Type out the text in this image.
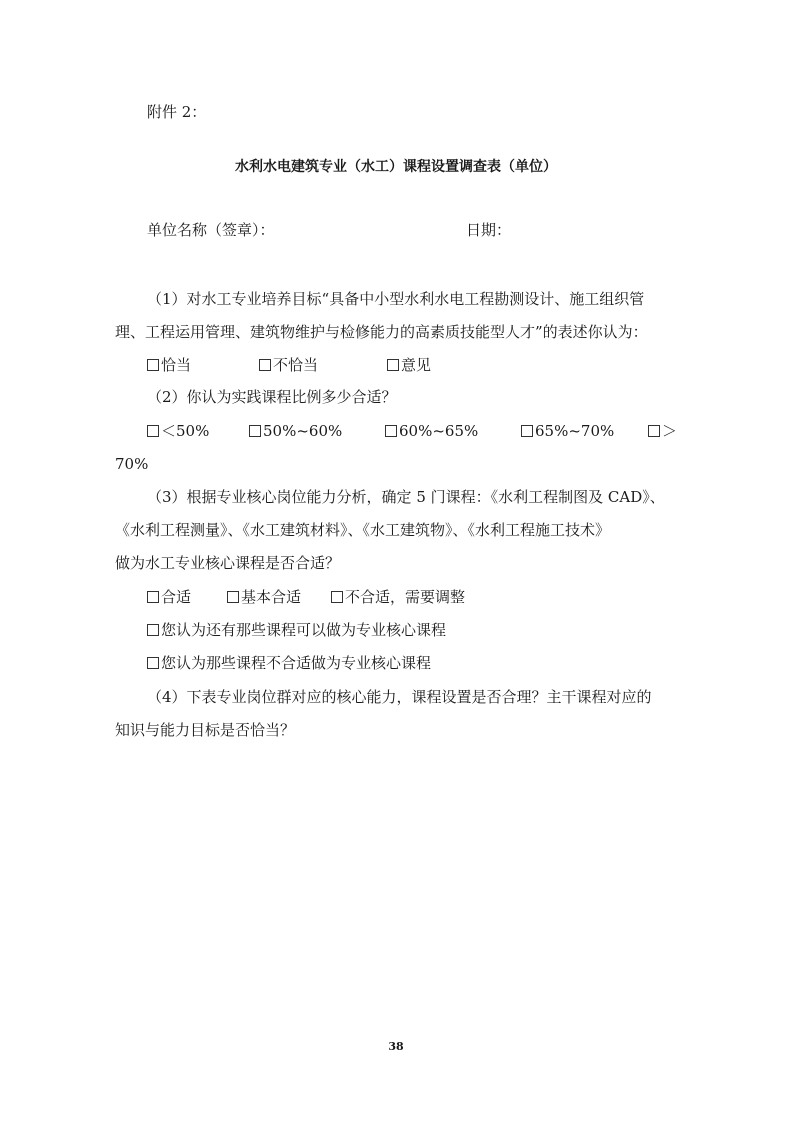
附件 2：
水利水电建筑专业（水工）课程设置调查表（单位）
单位名称（签章）：	日期：
（1）对水工专业培养目标“具备中小型水利水电工程勘测设计、施工组织管
理、工程运用管理、建筑物维护与检修能力的高素质技能型人才”的表述你认为：
恰当	不恰当	意见
（2）你认为实践课程比例多少合适？
＜50%	50%~60%	60%~65%	65%~70%	＞
70%
（3）根据专业核心岗位能力分析，确定 5 门课程：《水利工程制图及 CAD》、
《水利工程测量》、《水工建筑材料》、《水工建筑物》、《水利工程施工技术》
做为水工专业核心课程是否合适？
合适	基本合适	不合适，需要调整
您认为还有那些课程可以做为专业核心课程
您认为那些课程不合适做为专业核心课程
（4）下表专业岗位群对应的核心能力，课程设置是否合理？主干课程对应的
知识与能力目标是否恰当？
38
